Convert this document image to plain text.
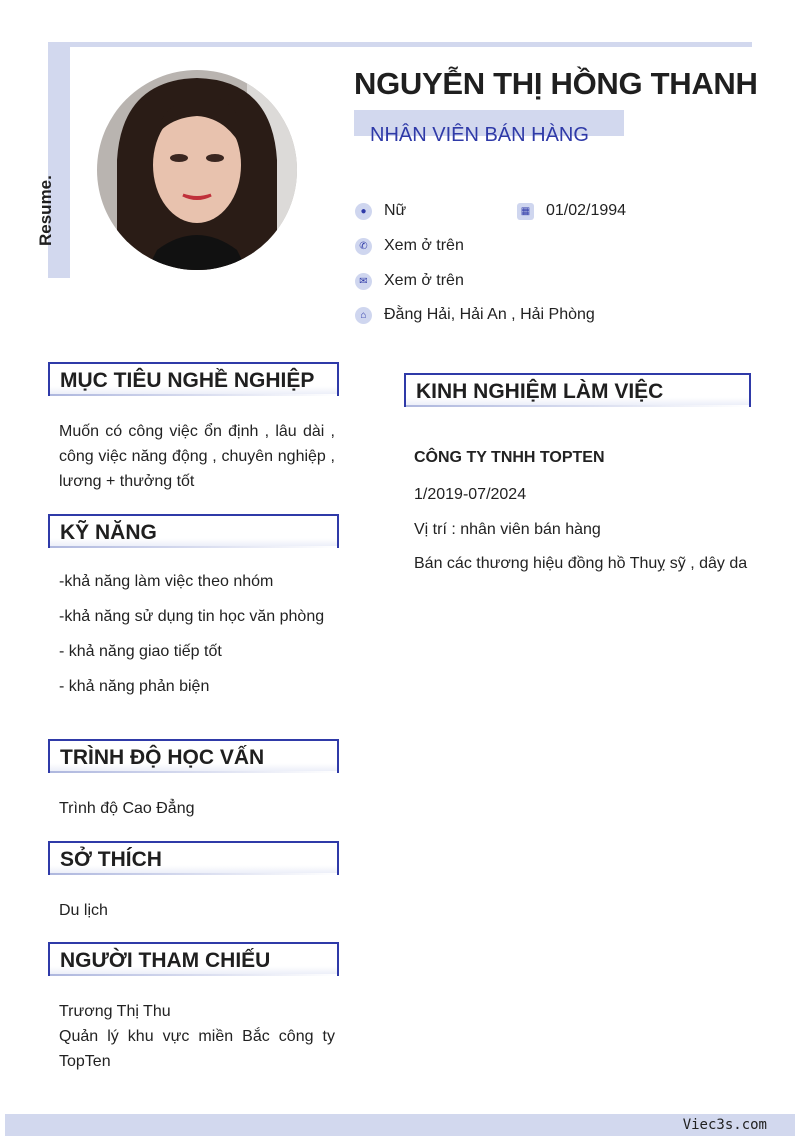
Resume.
NGUYỄN THỊ HỒNG THANH
NHÂN VIÊN BÁN HÀNG
●	Nữ	▦ 01/02/1994
✆ Xem ở trên
✉ Xem ở trên
⌂	Đằng Hải, Hải An , Hải Phòng
MỤC TIÊU NGHỀ NGHIỆP
Muốn có công việc ổn định , lâu dài , công việc năng động , chuyên nghiệp , lương + thưởng tốt
KỸ NĂNG
-khả năng làm việc theo nhóm
-khả năng sử dụng tin học văn phòng
- khả năng giao tiếp tốt
- khả năng phản biện
TRÌNH ĐỘ HỌC VẤN
Trình độ Cao Đẳng
SỞ THÍCH
Du lịch
NGƯỜI THAM CHIẾU
Trương Thị Thu
Quản lý khu vực miền Bắc công ty TopTen
KINH NGHIỆM LÀM VIỆC
CÔNG TY TNHH TOPTEN
1/2019-07/2024
Vị trí : nhân viên bán hàng
Bán các thương hiệu đồng hồ Thuỵ sỹ , dây da
Viec3s.com
